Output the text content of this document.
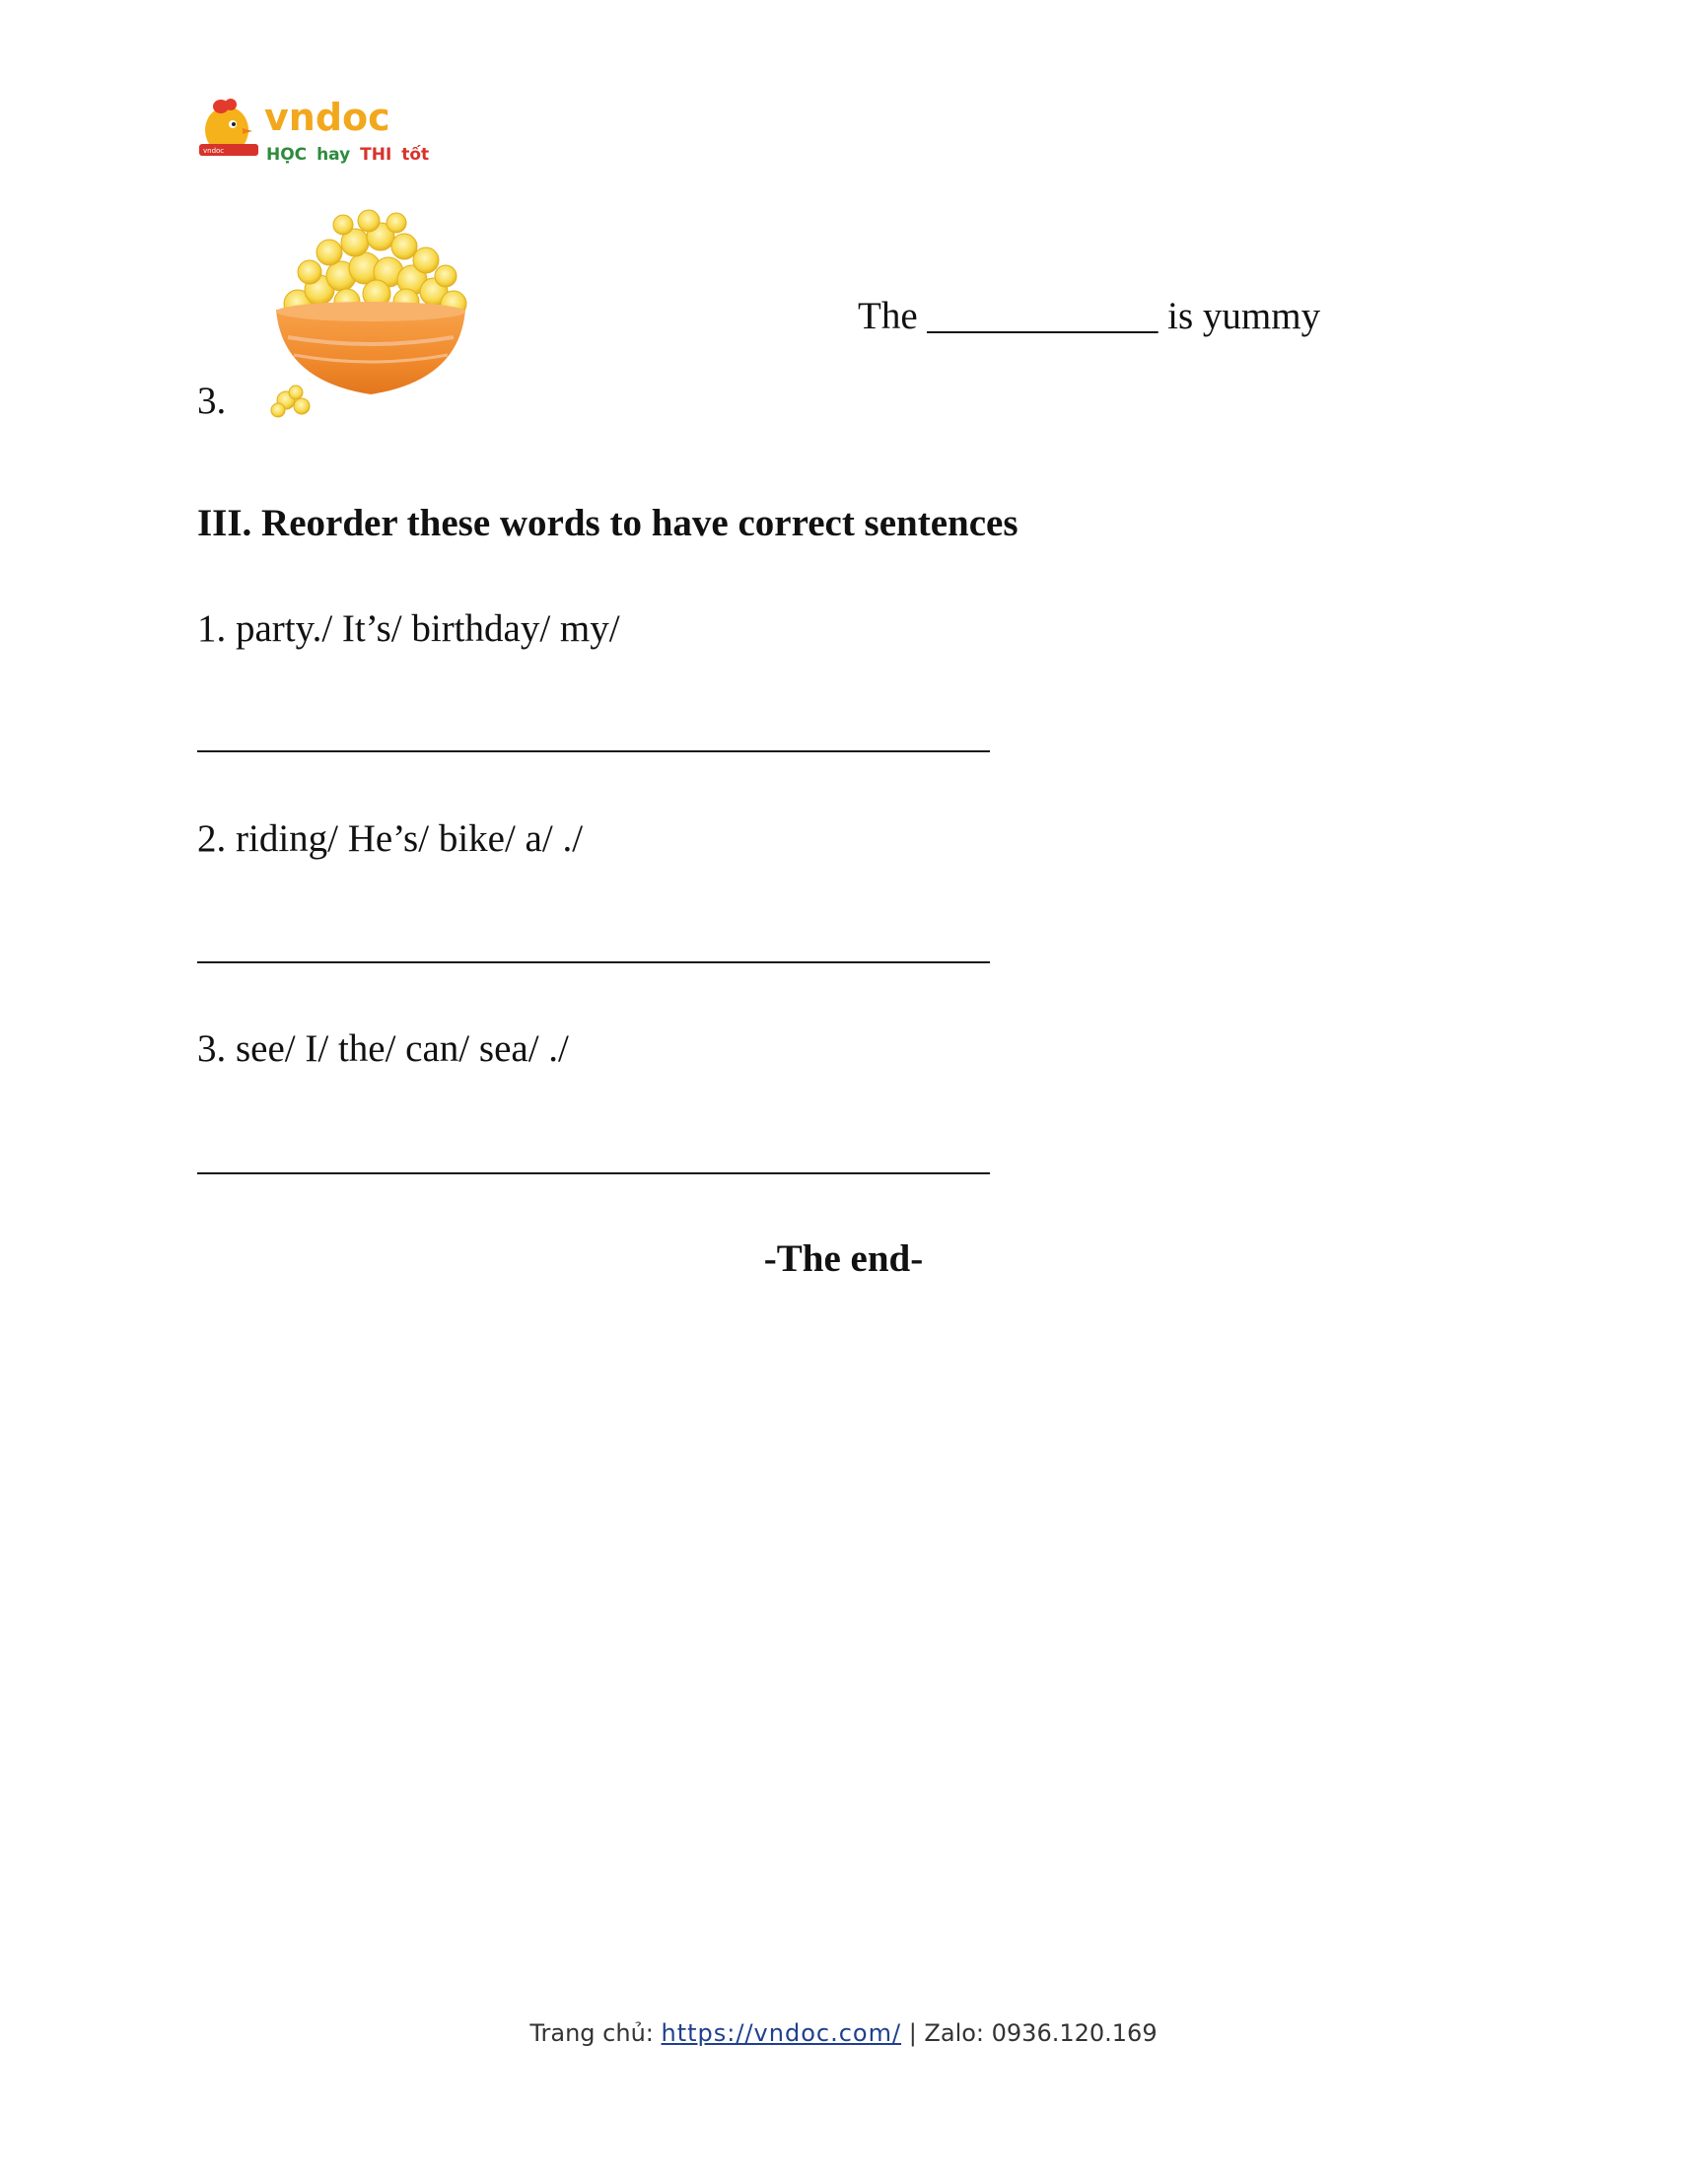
vndoc
vndoc
HỌC hay THI tốt
3.
The ____________ is yummy
III. Reorder these words to have correct sentences
1. party./ It’s/ birthday/ my/
2. riding/ He’s/ bike/ a/ ./
3. see/ I/ the/ can/ sea/ ./
-The end-
Trang chủ: https://vndoc.com/ | Zalo: 0936.120.169
